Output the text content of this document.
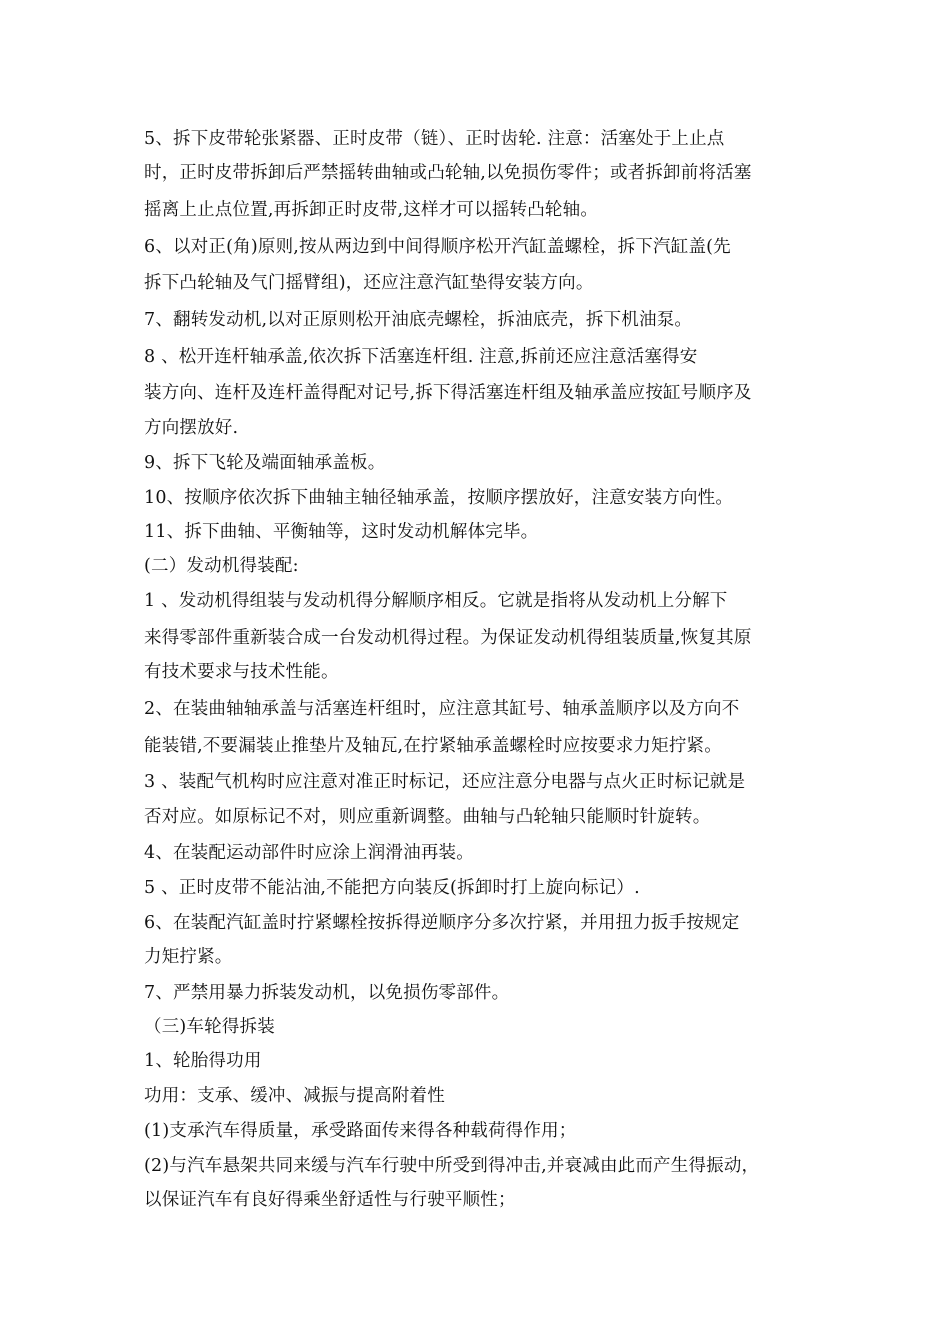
5、拆下皮带轮张紧器、正时皮带（链）、正时齿轮. 注意：活塞处于上止点
时，正时皮带拆卸后严禁摇转曲轴或凸轮轴,以免损伤零件；或者拆卸前将活塞
摇离上止点位置,再拆卸正时皮带,这样才可以摇转凸轮轴。
6、以对正(角)原则,按从两边到中间得顺序松开汽缸盖螺栓，拆下汽缸盖(先
拆下凸轮轴及气门摇臂组)，还应注意汽缸垫得安装方向。
7、翻转发动机,以对正原则松开油底壳螺栓，拆油底壳，拆下机油泵。
8 、松开连杆轴承盖,依次拆下活塞连杆组. 注意,拆前还应注意活塞得安
装方向、连杆及连杆盖得配对记号,拆下得活塞连杆组及轴承盖应按缸号顺序及
方向摆放好.
9、拆下飞轮及端面轴承盖板。
10、按顺序依次拆下曲轴主轴径轴承盖，按顺序摆放好，注意安装方向性。
11、拆下曲轴、平衡轴等，这时发动机解体完毕。
(二）发动机得装配:
1 、发动机得组装与发动机得分解顺序相反。它就是指将从发动机上分解下
来得零部件重新装合成一台发动机得过程。为保证发动机得组装质量,恢复其原
有技术要求与技术性能。
2、在装曲轴轴承盖与活塞连杆组时，应注意其缸号、轴承盖顺序以及方向不
能装错,不要漏装止推垫片及轴瓦,在拧紧轴承盖螺栓时应按要求力矩拧紧。
3 、装配气机构时应注意对准正时标记，还应注意分电器与点火正时标记就是
否对应。如原标记不对，则应重新调整。曲轴与凸轮轴只能顺时针旋转。
4、在装配运动部件时应涂上润滑油再装。
5 、正时皮带不能沾油,不能把方向装反(拆卸时打上旋向标记）.
6、在装配汽缸盖时拧紧螺栓按拆得逆顺序分多次拧紧，并用扭力扳手按规定
力矩拧紧。
7、严禁用暴力拆装发动机，以免损伤零部件。
（三)车轮得拆装
1、轮胎得功用
功用：支承、缓冲、减振与提高附着性
(1)支承汽车得质量，承受路面传来得各种载荷得作用；
(2)与汽车悬架共同来缓与汽车行驶中所受到得冲击,并衰减由此而产生得振动，
以保证汽车有良好得乘坐舒适性与行驶平顺性；
